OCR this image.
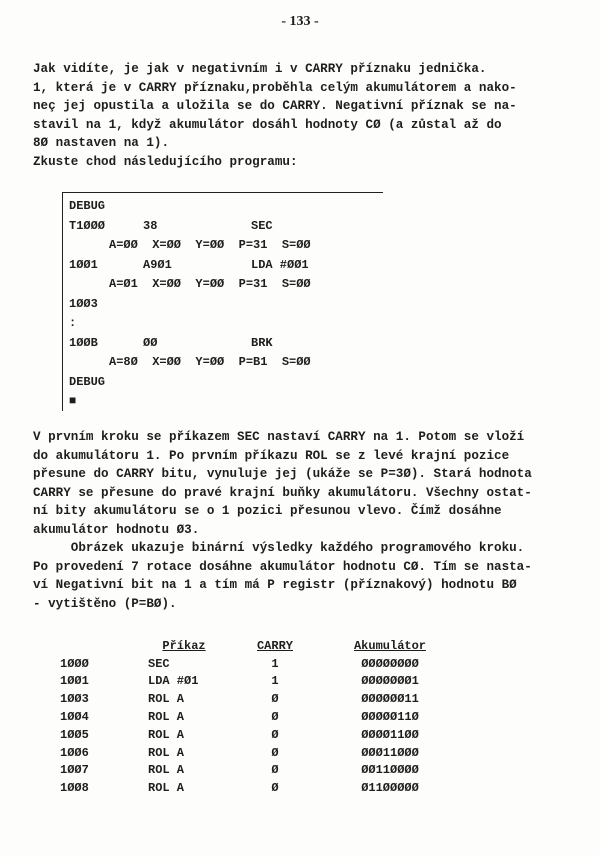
- 133 -
Jak vidíte, je jak v negativním i v CARRY příznaku jednička.
1, která je v CARRY příznaku,proběhla celým akumulátorem a nako-
neç jej opustila a uložila se do CARRY. Negativní příznak se na-
stavil na 1, když akumulátor dosáhl hodnoty CØ (a zůstal až do
8Ø nastaven na 1).
Zkuste chod následujícího programu:
DEBUG
T1ØØØ	38	SEC
A=ØØ  X=ØØ  Y=ØØ  P=31  S=ØØ
1ØØ1	A9Ø1	LDA #ØØ1
A=Ø1  X=ØØ  Y=ØØ  P=31  S=ØØ
1ØØ3
:
1ØØB	ØØ	BRK
A=8Ø  X=ØØ  Y=ØØ  P=B1  S=ØØ
DEBUG
■
V prvním kroku se příkazem SEC nastaví CARRY na 1. Potom se vloží
do akumulátoru 1. Po prvním příkazu ROL se z levé krajní pozice
přesune do CARRY bitu, vynuluje jej (ukáže se P=3Ø). Stará hodnota
CARRY se přesune do pravé krajní buňky akumulátoru. Všechny ostat-
ní bity akumulátoru se o 1 pozici přesunou vlevo. Čímž dosáhne
akumulátor hodnotu Ø3.
Obrázek ukazuje binární výsledky každého programového kroku.
Po provedení 7 rotace dosáhne akumulátor hodnotu CØ. Tím se nasta-
ví Negativní bit na 1 a tím má P registr (příznakový) hodnotu BØ
- vytištěno (P=BØ).
	Příkaz	CARRY	Akumulátor
1ØØØ	SEC	1	ØØØØØØØØ
1ØØ1	LDA #Ø1	1	ØØØØØØØ1
1ØØ3	ROL A	Ø	ØØØØØØ11
1ØØ4	ROL A	Ø	ØØØØØ11Ø
1ØØ5	ROL A	Ø	ØØØØ11ØØ
1ØØ6	ROL A	Ø	ØØØ11ØØØ
1ØØ7	ROL A	Ø	ØØ11ØØØØ
1ØØ8	ROL A	Ø	Ø11ØØØØØ
